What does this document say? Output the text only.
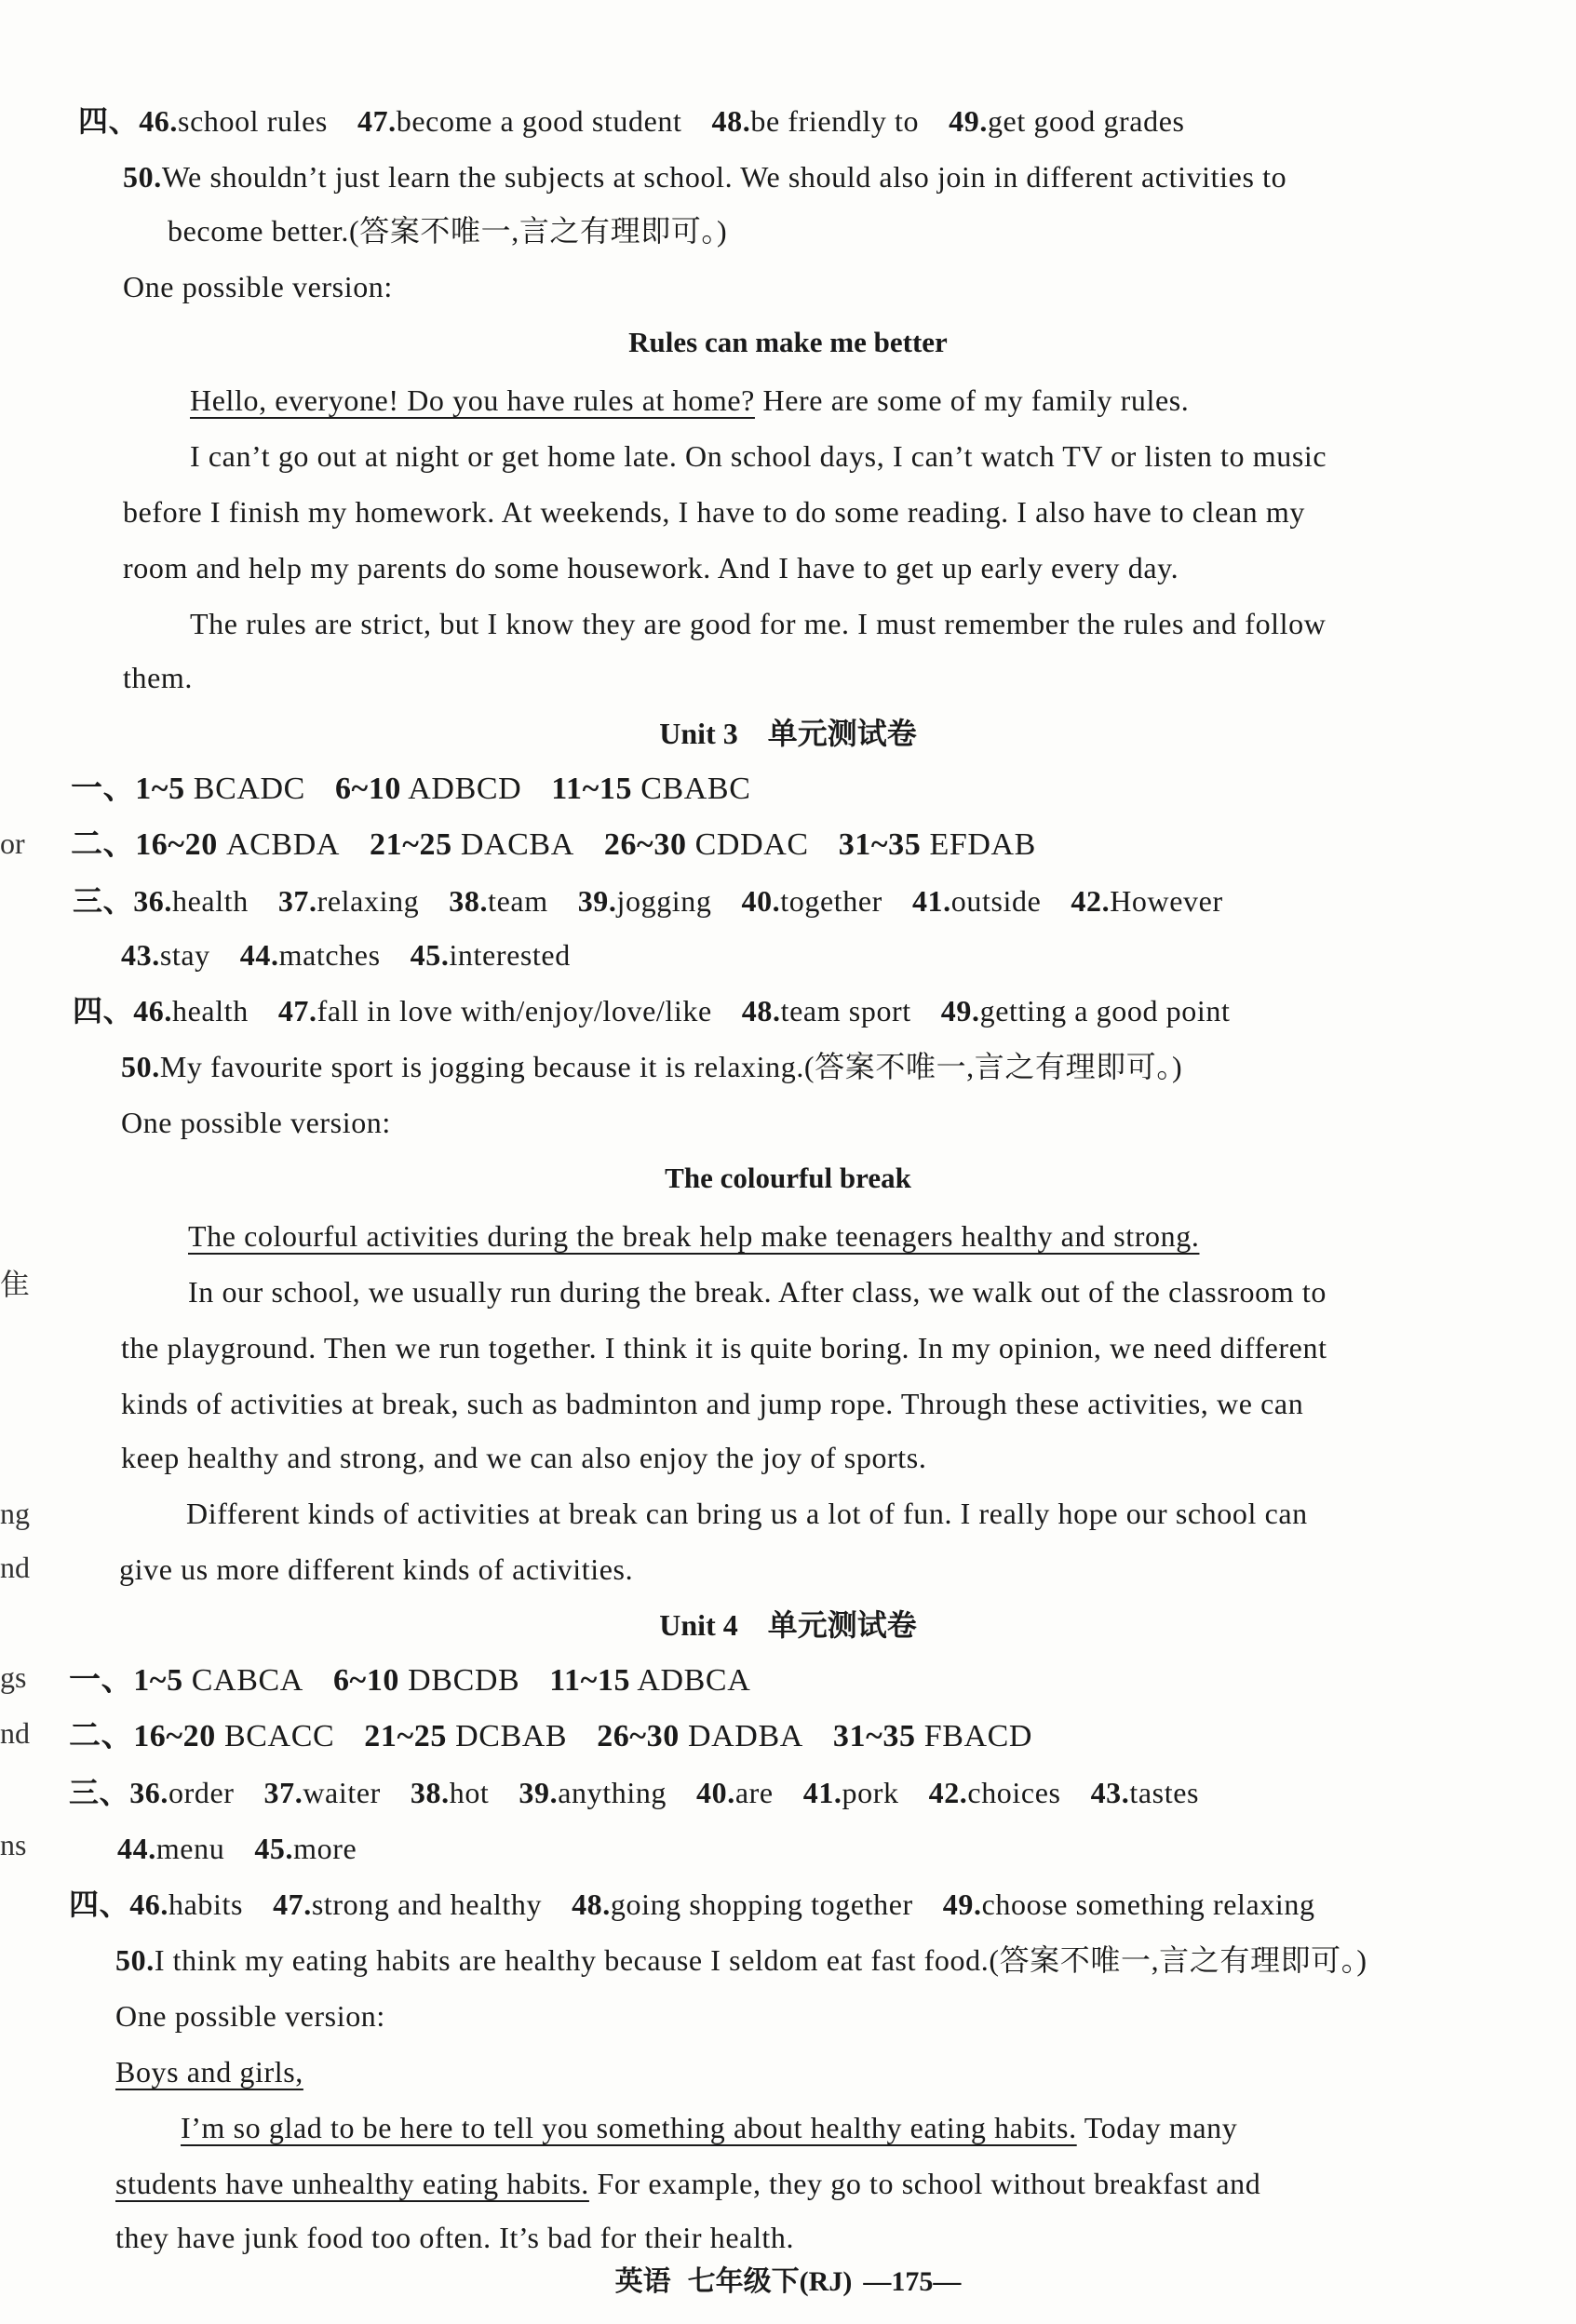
or
隹
ng
nd
gs
nd
ns
四、46.school rules 47.become a good student 48.be friendly to 49.get good grades
50.We shouldn’t just learn the subjects at school. We should also join in different activities to
become better.(答案不唯一,言之有理即可。)
One possible version:
Rules can make me better
Hello, everyone! Do you have rules at home? Here are some of my family rules.
I can’t go out at night or get home late. On school days, I can’t watch TV or listen to music
before I finish my homework. At weekends, I have to do some reading. I also have to clean my
room and help my parents do some housework. And I have to get up early every day.
The rules are strict, but I know they are good for me. I must remember the rules and follow
them.
Unit 3 单元测试卷
一、1~5 BCADC 6~10 ADBCD 11~15 CBABC
二、16~20 ACBDA 21~25 DACBA 26~30 CDDAC 31~35 EFDAB
三、36.health 37.relaxing 38.team 39.jogging 40.together 41.outside 42.However
43.stay 44.matches 45.interested
四、46.health 47.fall in love with/enjoy/love/like 48.team sport 49.getting a good point
50.My favourite sport is jogging because it is relaxing.(答案不唯一,言之有理即可。)
One possible version:
The colourful break
The colourful activities during the break help make teenagers healthy and strong.
In our school, we usually run during the break. After class, we walk out of the classroom to
the playground. Then we run together. I think it is quite boring. In my opinion, we need different
kinds of activities at break, such as badminton and jump rope. Through these activities, we can
keep healthy and strong, and we can also enjoy the joy of sports.
Different kinds of activities at break can bring us a lot of fun. I really hope our school can
give us more different kinds of activities.
Unit 4 单元测试卷
一、1~5 CABCA 6~10 DBCDB 11~15 ADBCA
二、16~20 BCACC 21~25 DCBAB 26~30 DADBA 31~35 FBACD
三、36.order 37.waiter 38.hot 39.anything 40.are 41.pork 42.choices 43.tastes
44.menu 45.more
四、46.habits 47.strong and healthy 48.going shopping together 49.choose something relaxing
50.I think my eating habits are healthy because I seldom eat fast food.(答案不唯一,言之有理即可。)
One possible version:
Boys and girls,
I’m so glad to be here to tell you something about healthy eating habits. Today many
students have unhealthy eating habits. For example, they go to school without breakfast and
they have junk food too often. It’s bad for their health.
英语 七年级下(RJ) —175—
